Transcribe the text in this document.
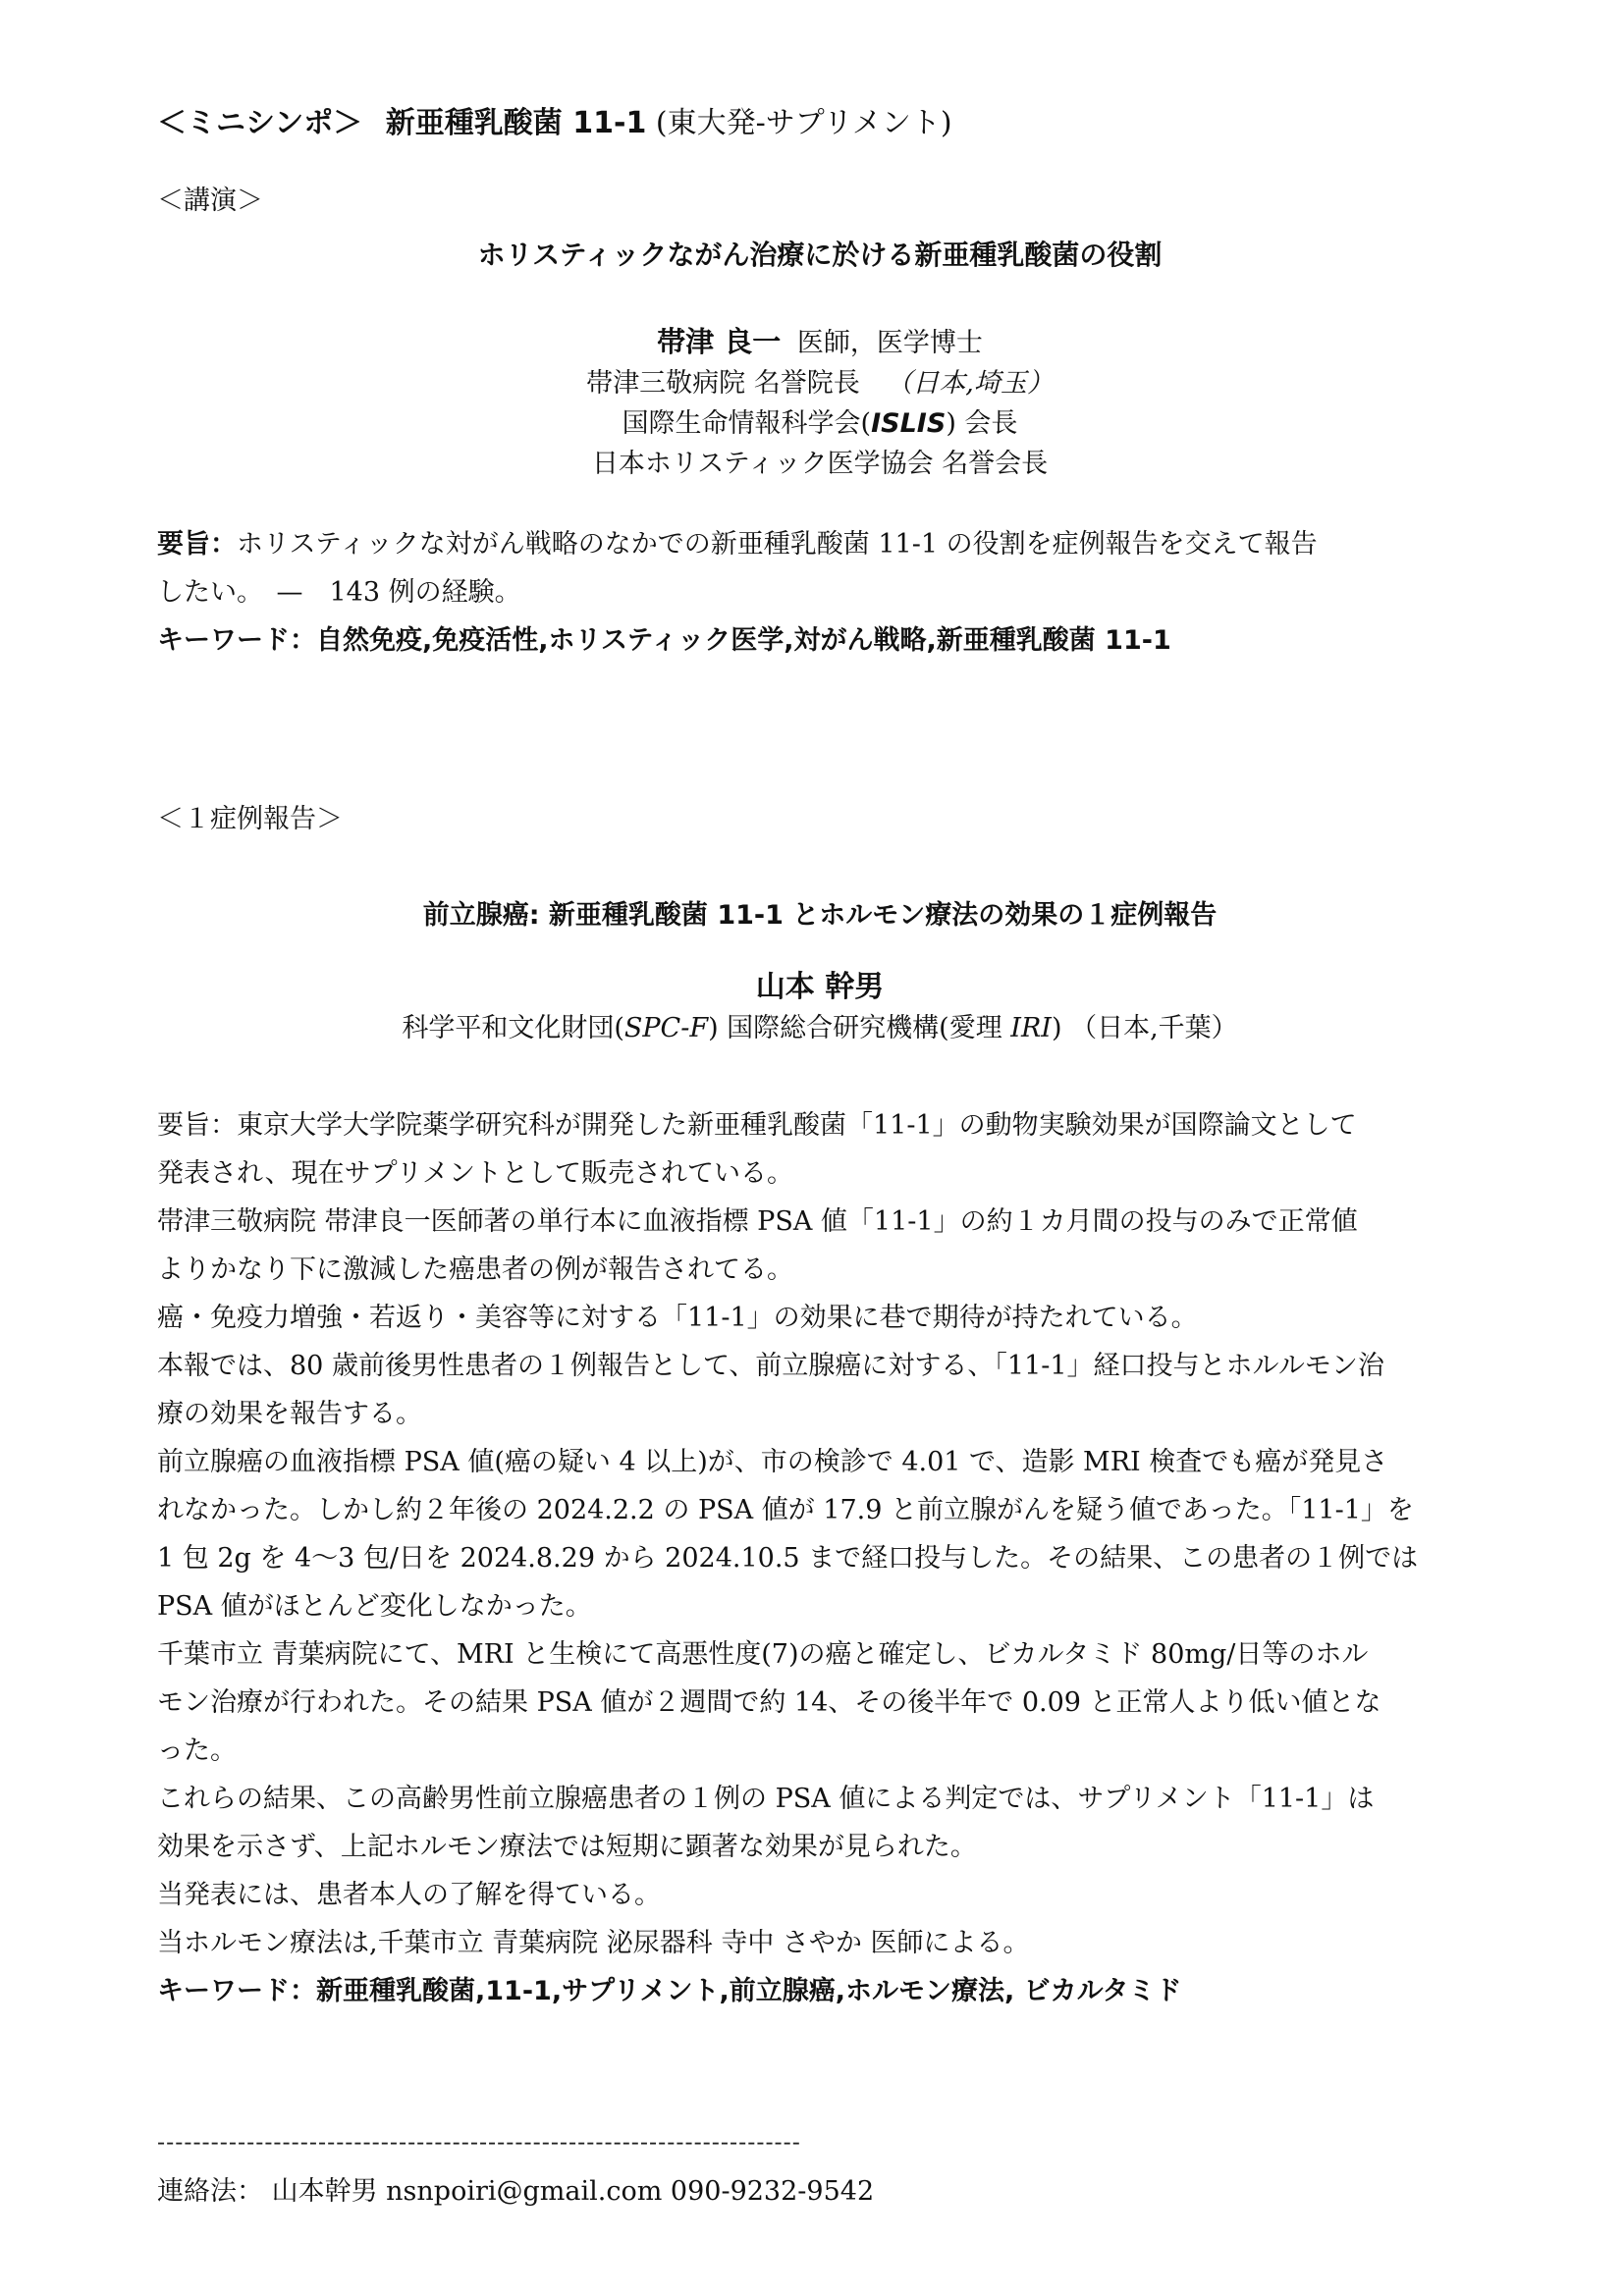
＜ミニシンポ＞ 新亜種乳酸菌 11-1 (東大発-サプリメント)
＜講演＞
ホリスティックながん治療に於ける新亜種乳酸菌の役割
帯津 良一 医師，医学博士
帯津三敬病院 名誉院長 （日本,埼玉）
国際生命情報科学会(ISLIS) 会長
日本ホリスティック医学協会 名誉会長
要旨：ホリスティックな対がん戦略のなかでの新亜種乳酸菌 11-1 の役割を症例報告を交えて報告
したい。　—　143 例の経験。
キーワード：自然免疫,免疫活性,ホリスティック医学,対がん戦略,新亜種乳酸菌 11-1
＜１症例報告＞
前立腺癌: 新亜種乳酸菌 11-1 とホルモン療法の効果の１症例報告
山本 幹男
科学平和文化財団(SPC-F) 国際総合研究機構(愛理 IRI) （日本,千葉）
要旨：東京大学大学院薬学研究科が開発した新亜種乳酸菌「11-1」の動物実験効果が国際論文として
発表され、現在サプリメントとして販売されている。
帯津三敬病院 帯津良一医師著の単行本に血液指標 PSA 値「11-1」の約１カ月間の投与のみで正常値
よりかなり下に激減した癌患者の例が報告されてる。
癌・免疫力増強・若返り・美容等に対する「11-1」の効果に巷で期待が持たれている。
本報では、80 歳前後男性患者の１例報告として、前立腺癌に対する、「11-1」経口投与とホルルモン治
療の効果を報告する。
前立腺癌の血液指標 PSA 値(癌の疑い 4 以上)が、市の検診で 4.01 で、造影 MRI 検査でも癌が発見さ
れなかった。しかし約２年後の 2024.2.2 の PSA 値が 17.9 と前立腺がんを疑う値であった。「11-1」を
1 包 2g を 4〜3 包/日を 2024.8.29 から 2024.10.5 まで経口投与した。その結果、この患者の１例では
PSA 値がほとんど変化しなかった。
千葉市立 青葉病院にて、MRI と生検にて高悪性度(7)の癌と確定し、ビカルタミド 80mg/日等のホル
モン治療が行われた。その結果 PSA 値が２週間で約 14、その後半年で 0.09 と正常人より低い値とな
った。
これらの結果、この高齢男性前立腺癌患者の１例の PSA 値による判定では、サプリメント「11-1」は
効果を示さず、上記ホルモン療法では短期に顕著な効果が見られた。
当発表には、患者本人の了解を得ている。
当ホルモン療法は,千葉市立 青葉病院 泌尿器科 寺中 さやか 医師による。
キーワード：新亜種乳酸菌,11-1,サプリメント,前立腺癌,ホルモン療法, ビカルタミド
------------------------------------------------------------------------
連絡法： 山本幹男 nsnpoiri@gmail.com 090-9232-9542
